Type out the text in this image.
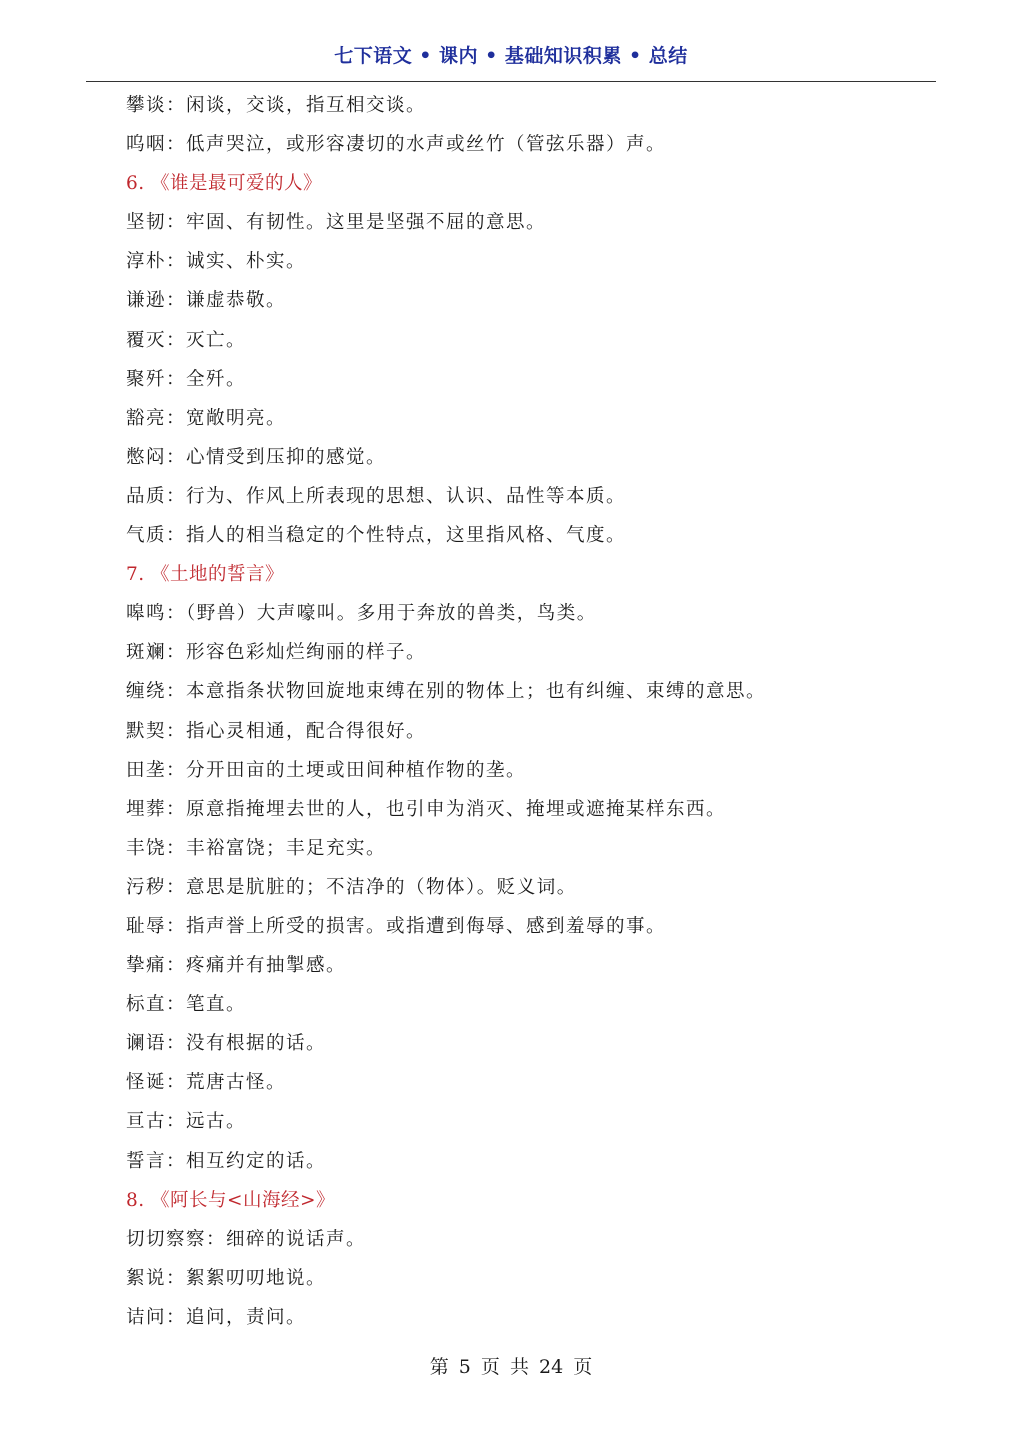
七下语文 • 课内 • 基础知识积累 • 总结
攀谈：闲谈，交谈，指互相交谈。
呜咽：低声哭泣，或形容凄切的水声或丝竹（管弦乐器）声。
6. 《谁是最可爱的人》
坚韧：牢固、有韧性。这里是坚强不屈的意思。
淳朴：诚实、朴实。
谦逊：谦虚恭敬。
覆灭：灭亡。
聚歼：全歼。
豁亮：宽敞明亮。
憋闷：心情受到压抑的感觉。
品质：行为、作风上所表现的思想、认识、品性等本质。
气质：指人的相当稳定的个性特点，这里指风格、气度。
7. 《土地的誓言》
嗥鸣：（野兽）大声嚎叫。多用于奔放的兽类，鸟类。
斑斓：形容色彩灿烂绚丽的样子。
缠绕：本意指条状物回旋地束缚在别的物体上；也有纠缠、束缚的意思。
默契：指心灵相通，配合得很好。
田垄：分开田亩的土埂或田间种植作物的垄。
埋葬：原意指掩埋去世的人，也引申为消灭、掩埋或遮掩某样东西。
丰饶：丰裕富饶；丰足充实。
污秽：意思是肮脏的；不洁净的（物体）。贬义词。
耻辱：指声誉上所受的损害。或指遭到侮辱、感到羞辱的事。
挚痛：疼痛并有抽掣感。
标直：笔直。
谰语：没有根据的话。
怪诞：荒唐古怪。
亘古：远古。
誓言：相互约定的话。
8. 《阿长与<山海经>》
切切察察：细碎的说话声。
絮说：絮絮叨叨地说。
诘问：追问，责问。
第 5 页 共 24 页
